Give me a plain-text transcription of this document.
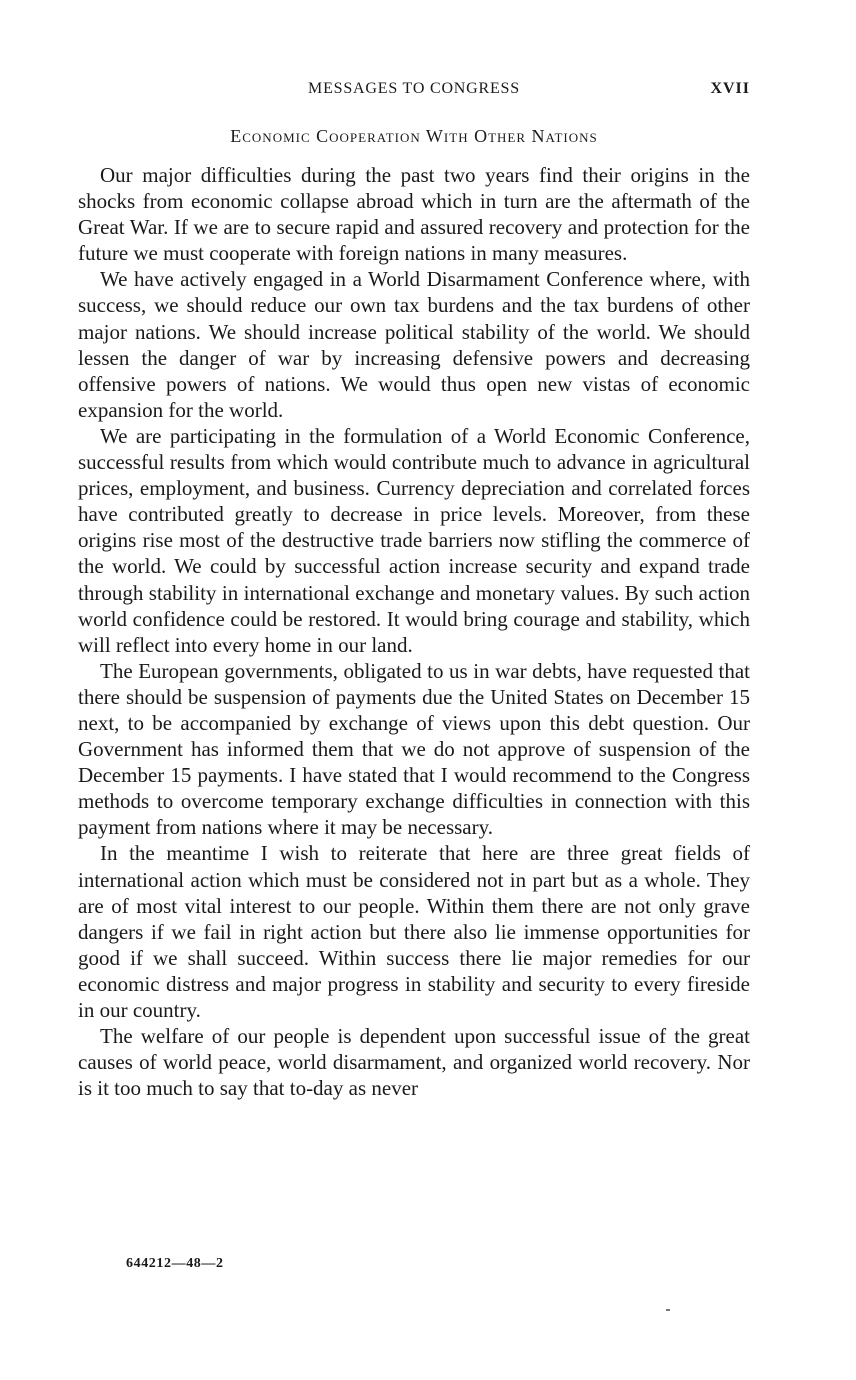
MESSAGES TO CONGRESS	XVII
Economic Cooperation With Other Nations

Our major difficulties during the past two years find their origins in the shocks from economic collapse abroad which in turn are the aftermath of the Great War. If we are to secure rapid and assured recovery and protection for the future we must cooperate with foreign nations in many measures.

We have actively engaged in a World Disarmament Conference where, with success, we should reduce our own tax burdens and the tax burdens of other major nations. We should increase political stability of the world. We should lessen the danger of war by increasing defensive powers and decreasing offensive powers of nations. We would thus open new vistas of economic expansion for the world.

We are participating in the formulation of a World Economic Conference, successful results from which would contribute much to advance in agricultural prices, employment, and business. Currency depreciation and correlated forces have contributed greatly to decrease in price levels. Moreover, from these origins rise most of the destructive trade barriers now stifling the commerce of the world. We could by successful action increase security and expand trade through stability in international exchange and monetary values. By such action world confidence could be restored. It would bring courage and stability, which will reflect into every home in our land.

The European governments, obligated to us in war debts, have requested that there should be suspension of payments due the United States on December 15 next, to be accompanied by exchange of views upon this debt question. Our Government has informed them that we do not approve of suspension of the December 15 payments. I have stated that I would recommend to the Congress methods to overcome temporary exchange difficulties in connection with this payment from nations where it may be necessary.

In the meantime I wish to reiterate that here are three great fields of international action which must be considered not in part but as a whole. They are of most vital interest to our people. Within them there are not only grave dangers if we fail in right action but there also lie immense opportunities for good if we shall succeed. Within success there lie major remedies for our economic distress and major progress in stability and security to every fireside in our country.

The welfare of our people is dependent upon successful issue of the great causes of world peace, world disarmament, and organized world recovery. Nor is it too much to say that to-day as never

644212—48—2
